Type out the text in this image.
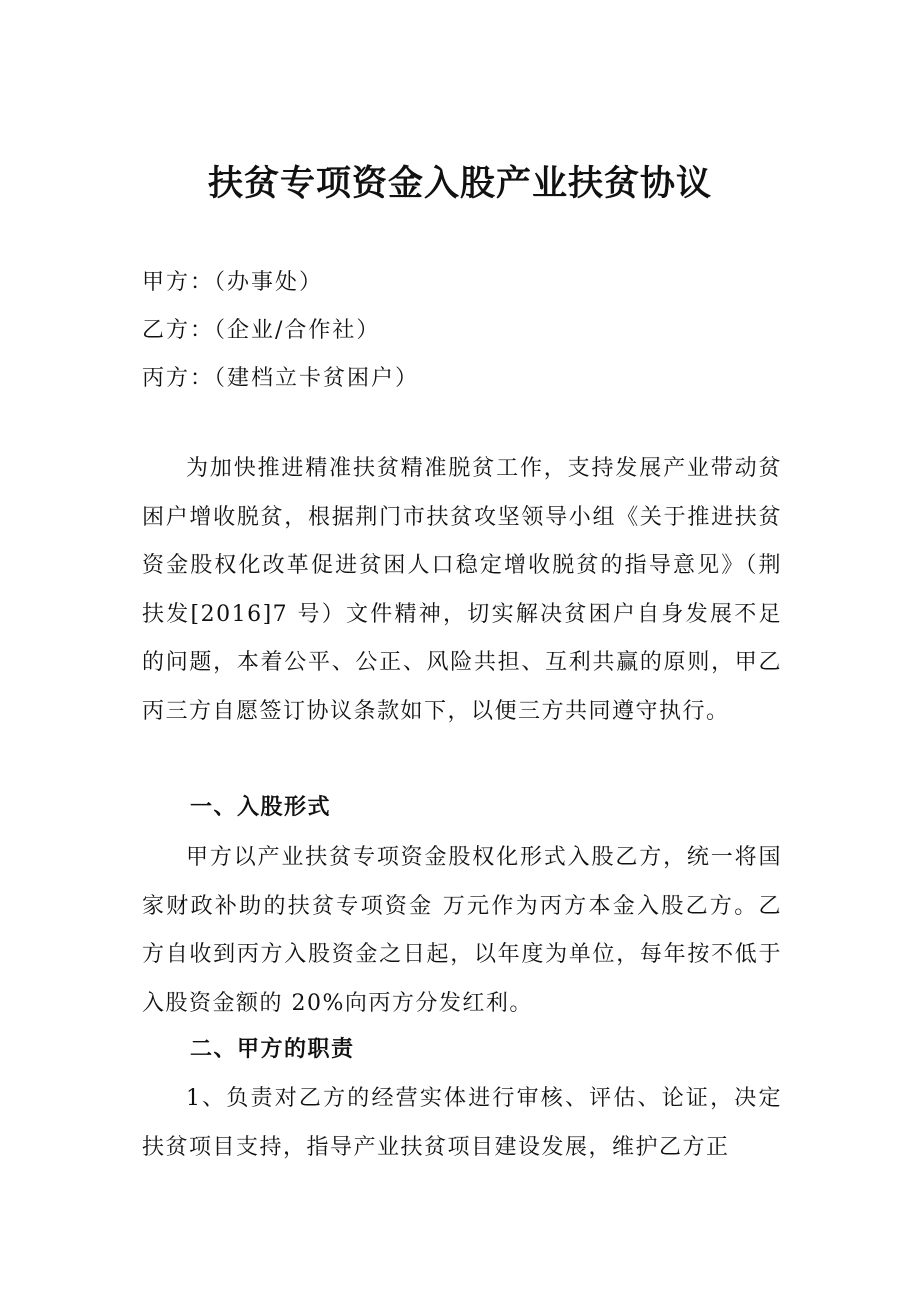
扶贫专项资金入股产业扶贫协议
甲方：（办事处）
乙方：（企业/合作社）
丙方：（建档立卡贫困户）

为加快推进精准扶贫精准脱贫工作，支持发展产业带动贫困户增收脱贫，根据荆门市扶贫攻坚领导小组《关于推进扶贫资金股权化改革促进贫困人口稳定增收脱贫的指导意见》（荆扶发[2016]7 号）文件精神，切实解决贫困户自身发展不足的问题，本着公平、公正、风险共担、互利共赢的原则，甲乙丙三方自愿签订协议条款如下，以便三方共同遵守执行。

一、入股形式

甲方以产业扶贫专项资金股权化形式入股乙方，统一将国家财政补助的扶贫专项资金 万元作为丙方本金入股乙方。乙方自收到丙方入股资金之日起，以年度为单位，每年按不低于入股资金额的 20%向丙方分发红利。

二、甲方的职责

1、负责对乙方的经营实体进行审核、评估、论证，决定扶贫项目支持，指导产业扶贫项目建设发展，维护乙方正
